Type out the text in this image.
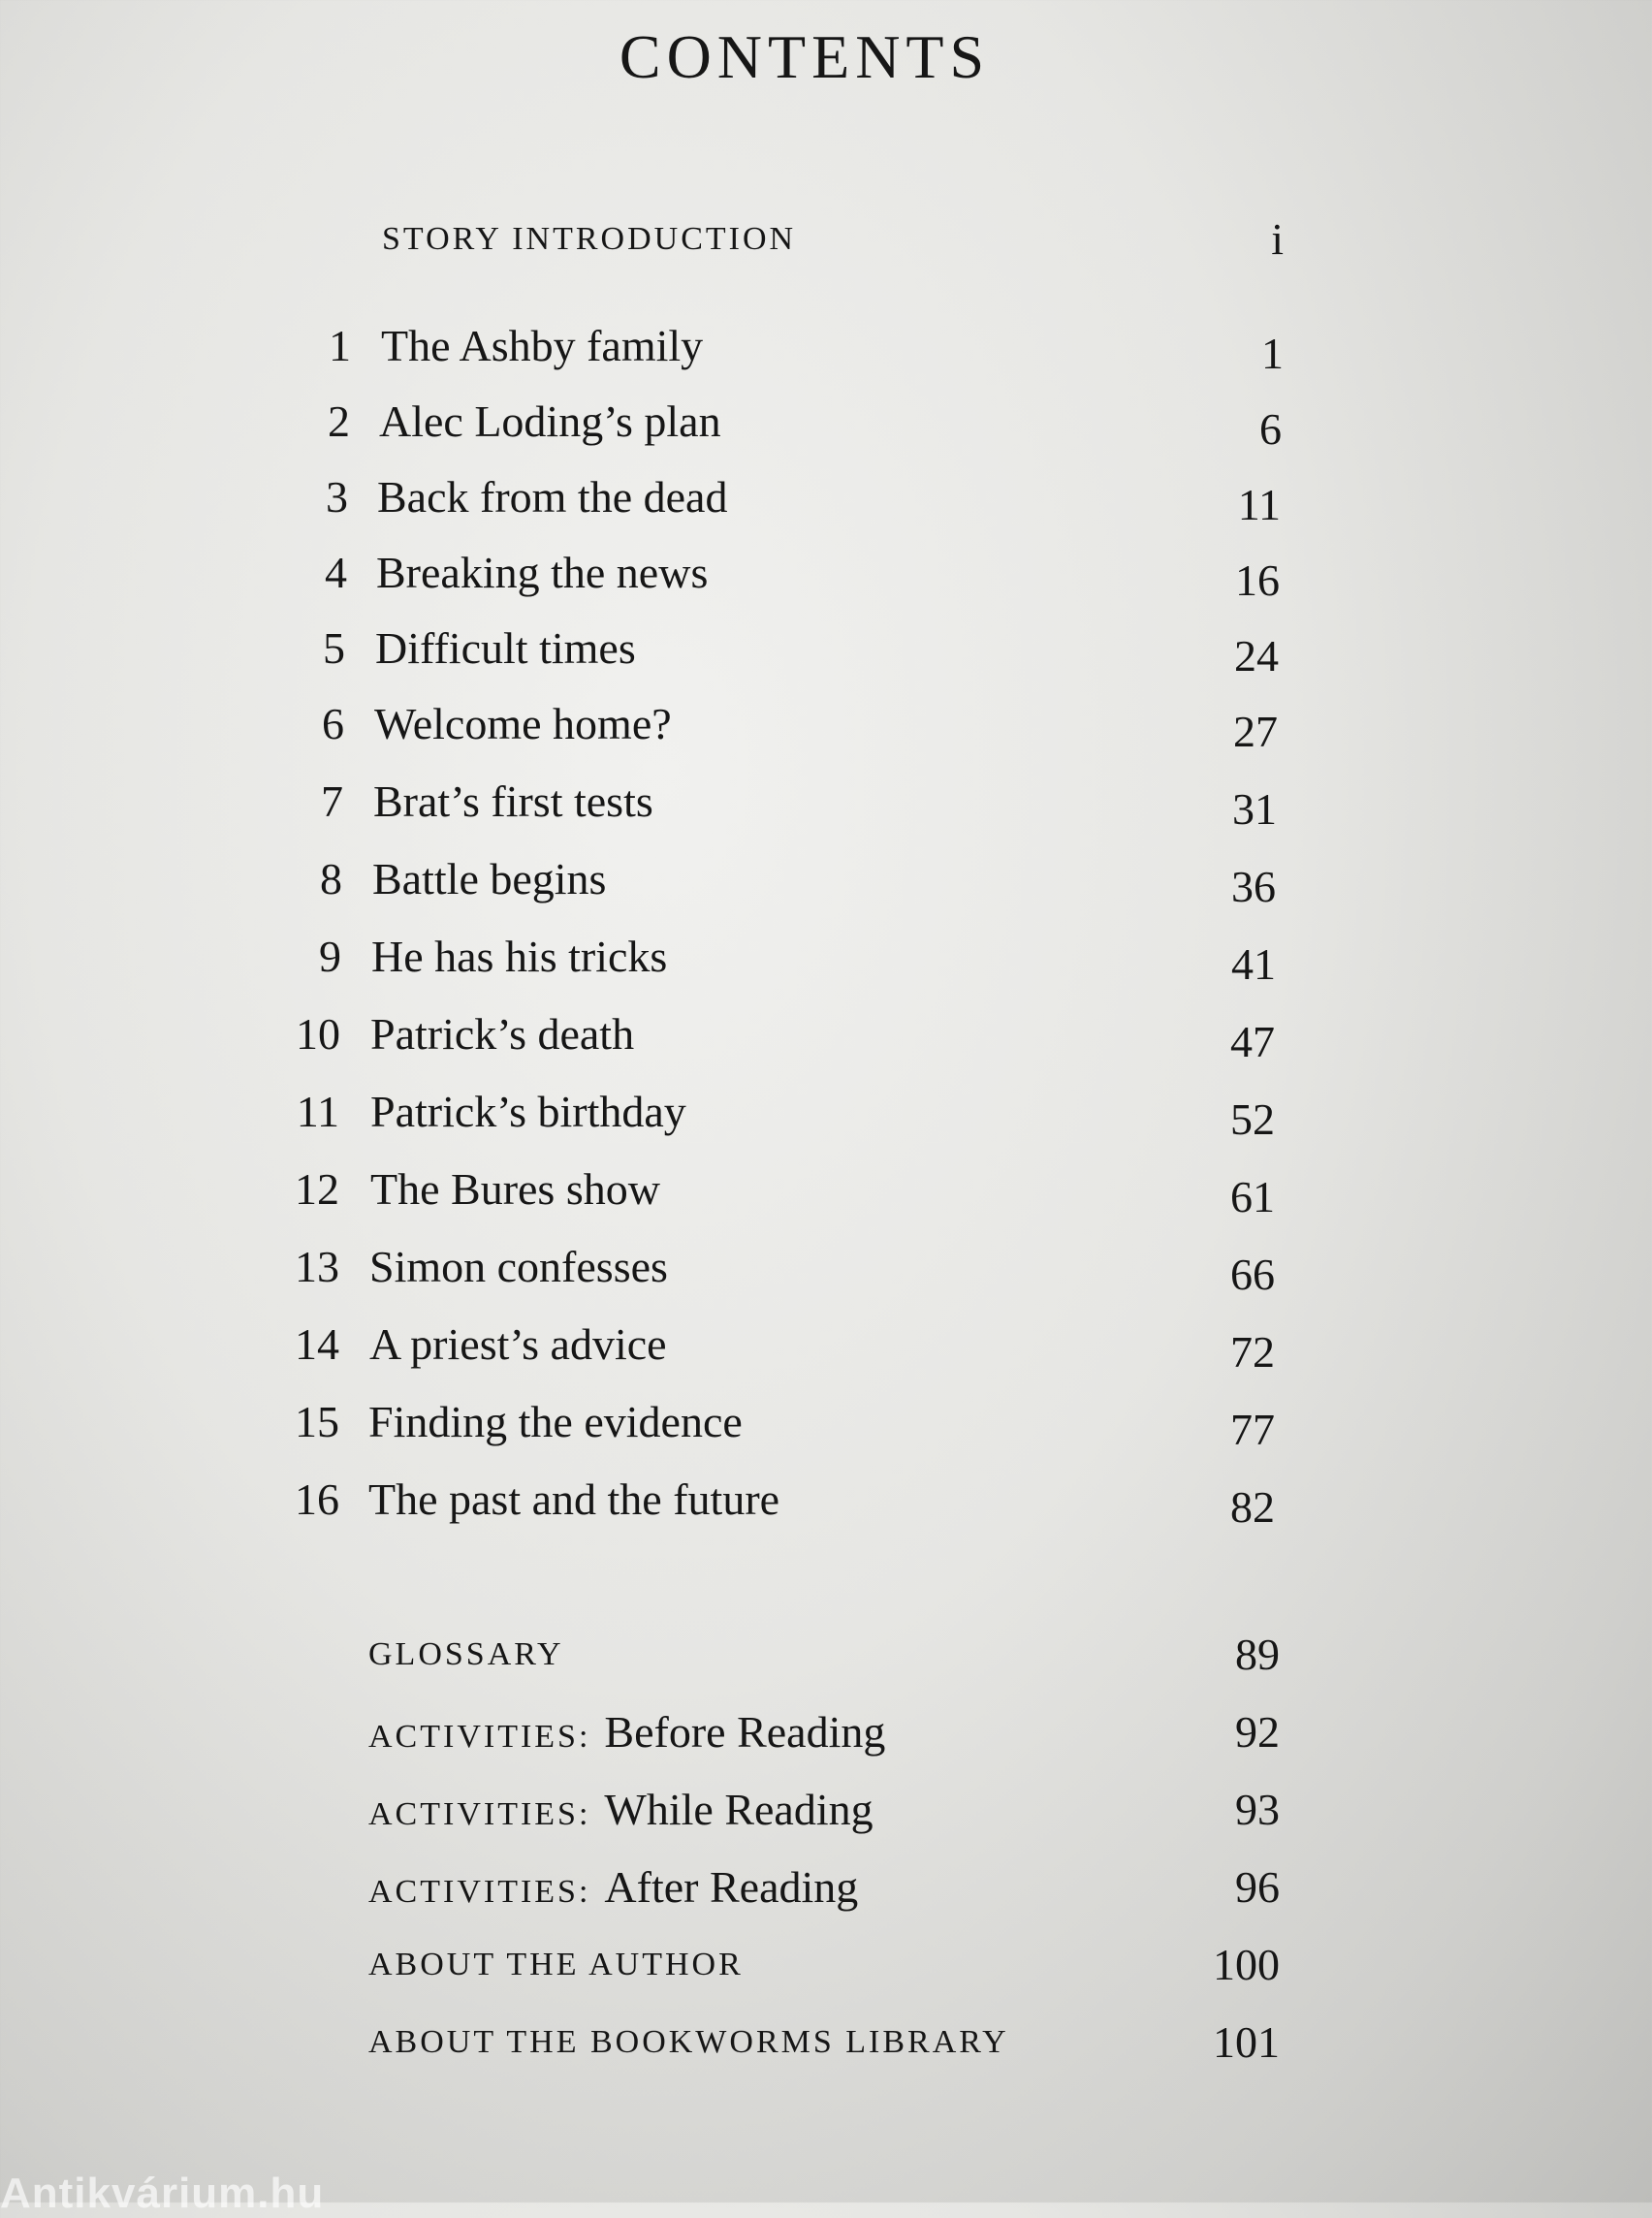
CONTENTS
STORY INTRODUCTION	i
1 The Ashby family	1
2 Alec Loding’s plan	6
3 Back from the dead	11
4 Breaking the news	16
5 Difficult times	24
6 Welcome home?	27
7 Brat’s first tests	31
8 Battle begins	36
9 He has his tricks	41
10 Patrick’s death	47
11 Patrick’s birthday	52
12 The Bures show	61
13 Simon confesses	66
14 A priest’s advice	72
15 Finding the evidence	77
16 The past and the future	82
GLOSSARY	89
ACTIVITIES: Before Reading	92
ACTIVITIES: While Reading	93
ACTIVITIES: After Reading	96
ABOUT THE AUTHOR	100
ABOUT THE BOOKWORMS LIBRARY	101
Antikvárium.hu
